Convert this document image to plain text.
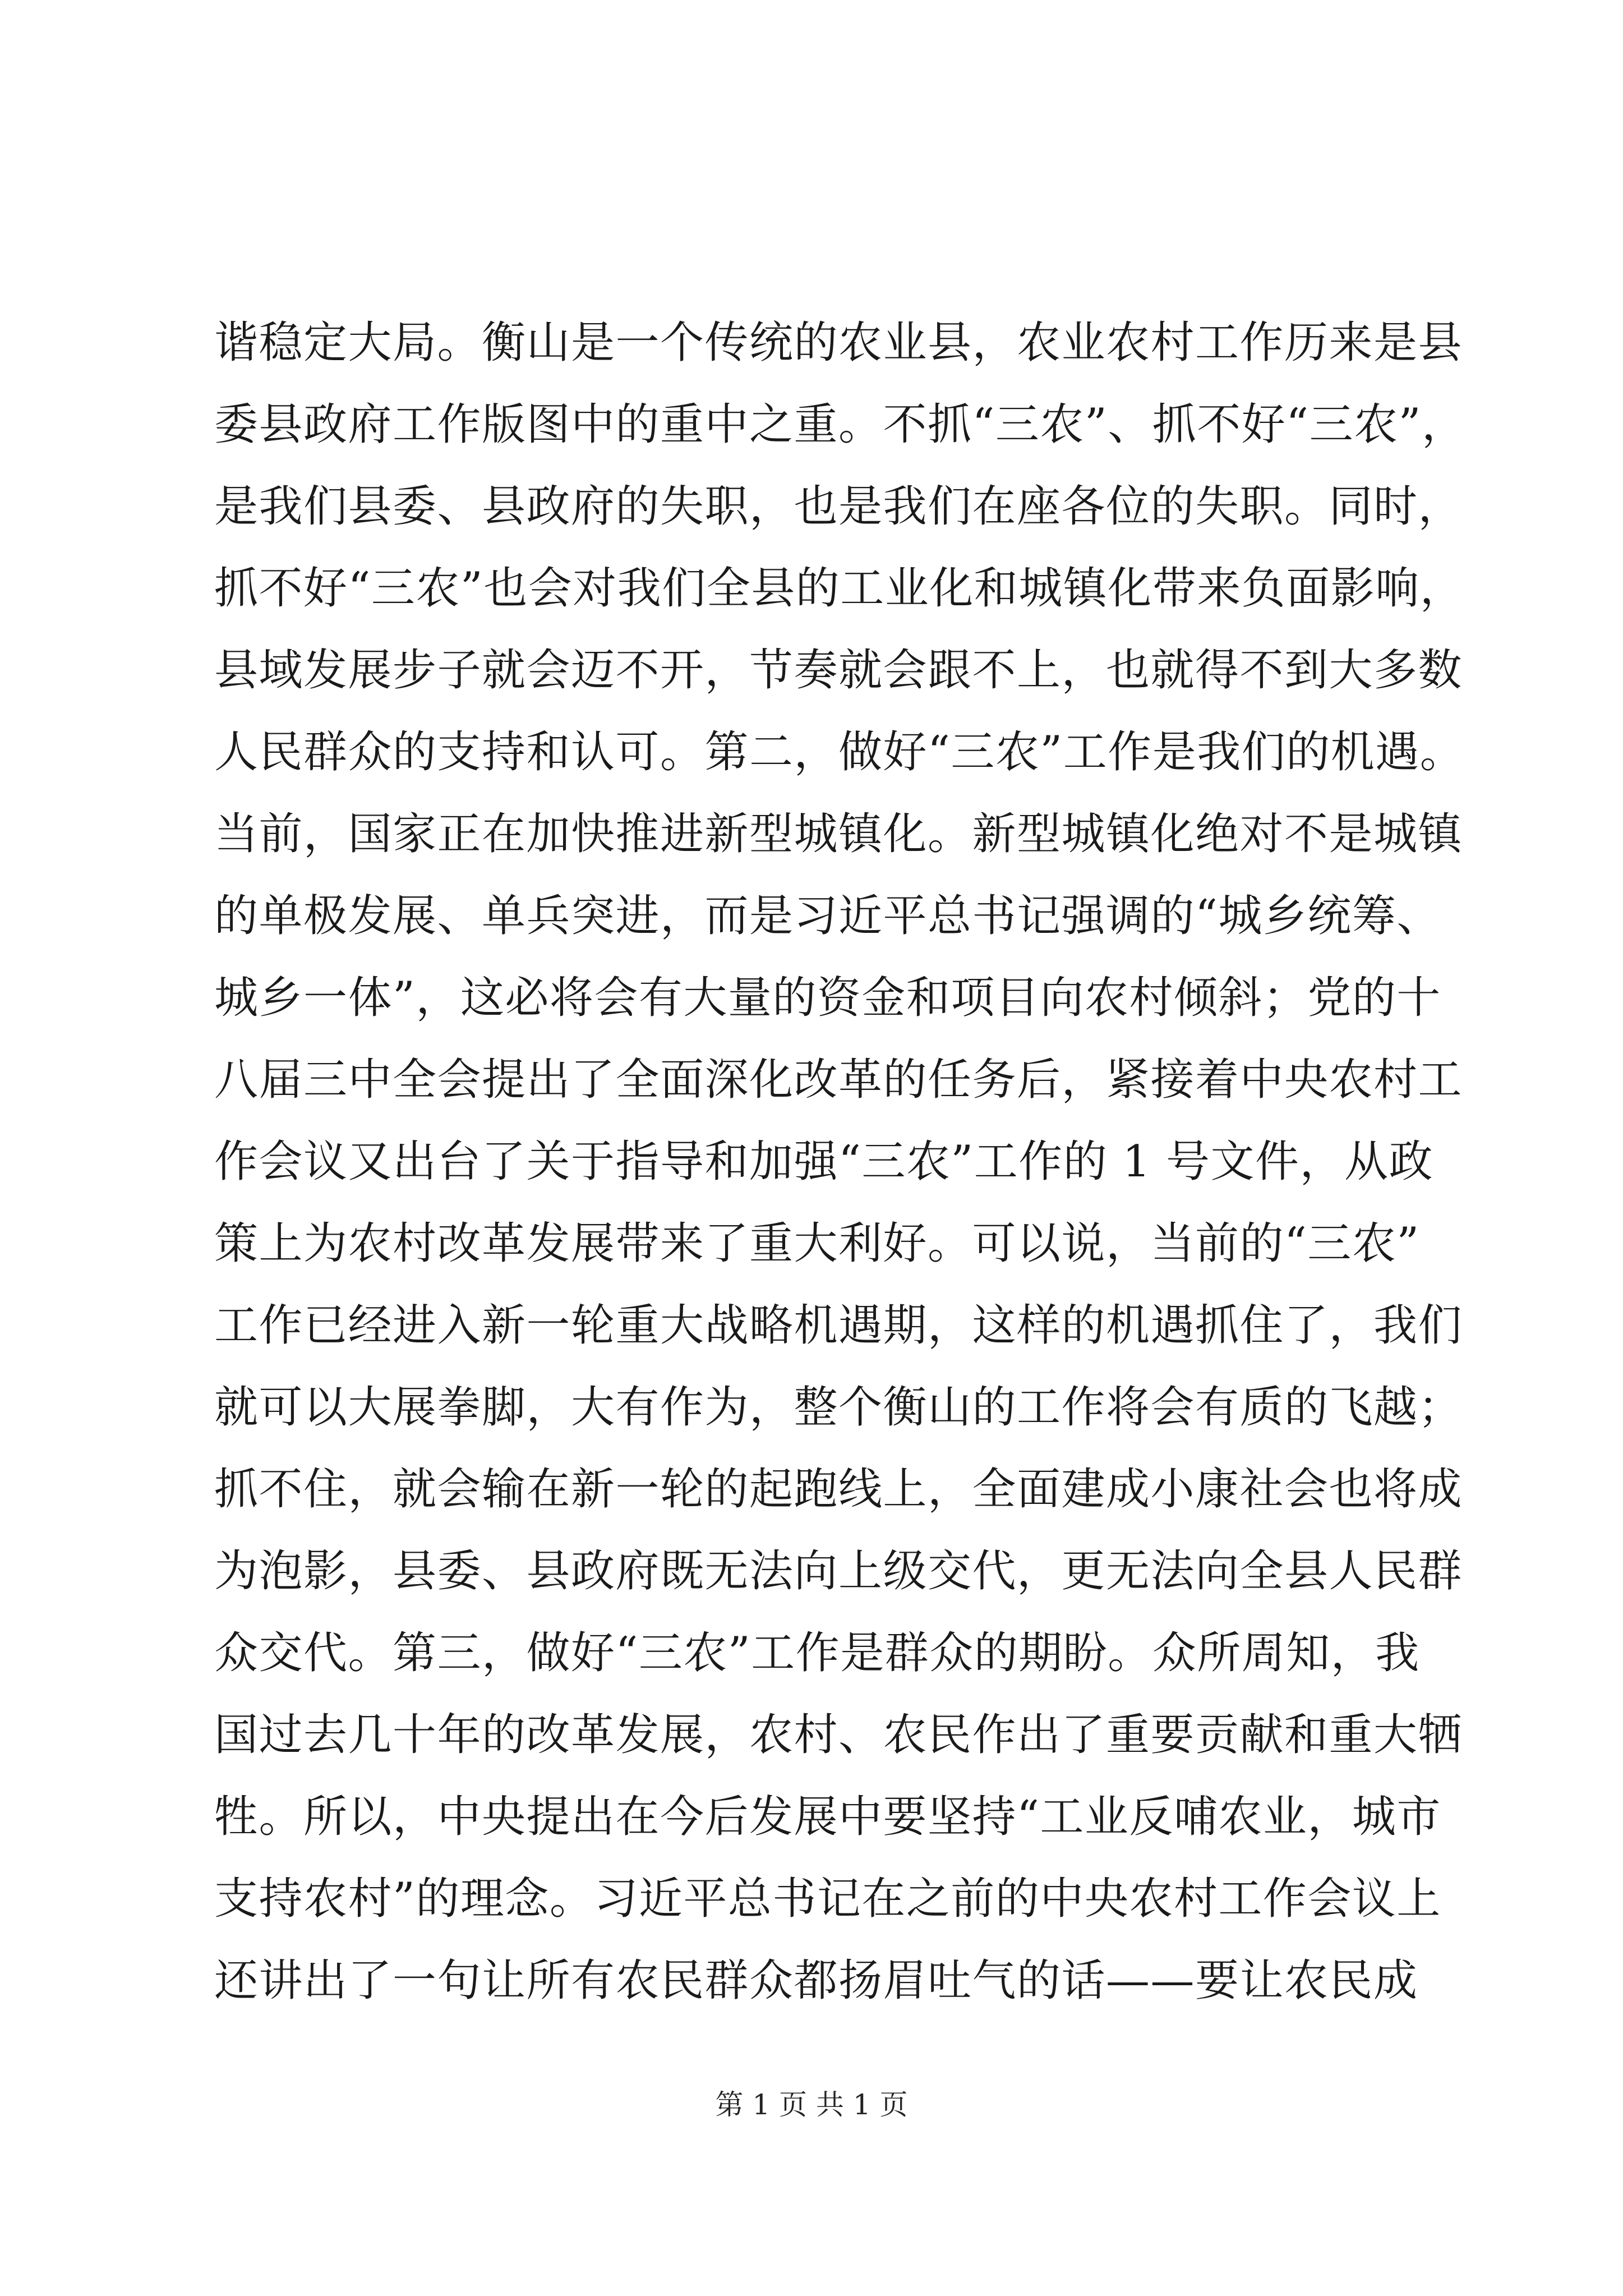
谐稳定大局。衡山是一个传统的农业县，农业农村工作历来是县
委县政府工作版图中的重中之重。不抓“三农”、抓不好“三农”，
是我们县委、县政府的失职，也是我们在座各位的失职。同时，
抓不好“三农”也会对我们全县的工业化和城镇化带来负面影响，
县域发展步子就会迈不开，节奏就会跟不上，也就得不到大多数
人民群众的支持和认可。第二，做好“三农”工作是我们的机遇。
当前，国家正在加快推进新型城镇化。新型城镇化绝对不是城镇
的单极发展、单兵突进，而是习近平总书记强调的“城乡统筹、
城乡一体”，这必将会有大量的资金和项目向农村倾斜；党的十
八届三中全会提出了全面深化改革的任务后，紧接着中央农村工
作会议又出台了关于指导和加强“三农”工作的 1 号文件，从政
策上为农村改革发展带来了重大利好。可以说，当前的“三农”
工作已经进入新一轮重大战略机遇期，这样的机遇抓住了，我们
就可以大展拳脚，大有作为，整个衡山的工作将会有质的飞越；
抓不住，就会输在新一轮的起跑线上，全面建成小康社会也将成
为泡影，县委、县政府既无法向上级交代，更无法向全县人民群
众交代。第三，做好“三农”工作是群众的期盼。众所周知，我
国过去几十年的改革发展，农村、农民作出了重要贡献和重大牺
牲。所以，中央提出在今后发展中要坚持“工业反哺农业，城市
支持农村”的理念。习近平总书记在之前的中央农村工作会议上
还讲出了一句让所有农民群众都扬眉吐气的话——要让农民成
第 1 页 共 1 页
